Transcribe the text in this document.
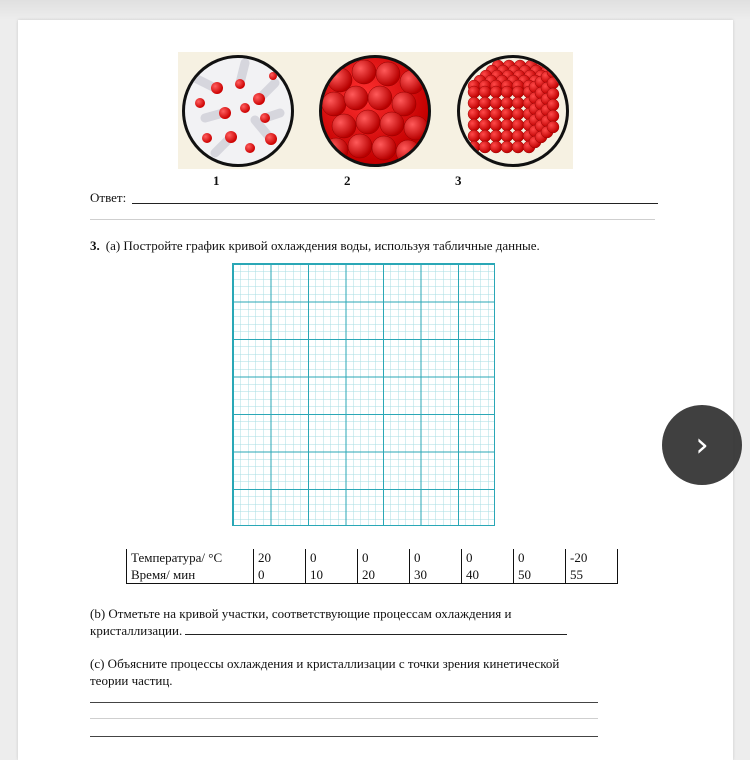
1	2	3
Ответ:
3. (a) Постройте график кривой охлаждения воды, используя табличные данные.
Температура/ °C	20	0	0	0	0	0	-20
Время/ мин	0	10	20	30	40	50	55
(b) Отметьте на кривой участки, соответствующие процессам охлаждения и
кристаллизации.
(c) Объясните процессы охлаждения и кристаллизации с точки зрения кинетической
теории частиц.
›
